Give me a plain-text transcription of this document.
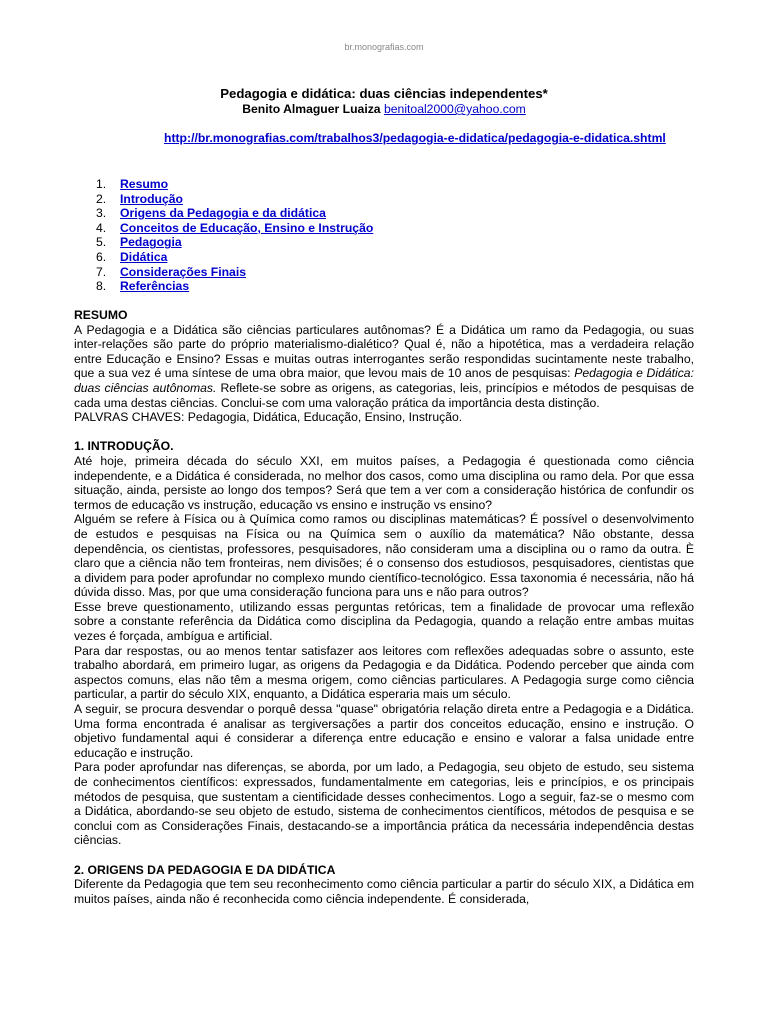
br.monografias.com
Pedagogia e didática: duas ciências independentes*
Benito Almaguer Luaiza benitoal2000@yahoo.com
http://br.monografias.com/trabalhos3/pedagogia-e-didatica/pedagogia-e-didatica.shtml
1.	Resumo
2.	Introdução
3.	Origens da Pedagogia e da didática
4.	Conceitos de Educação, Ensino e Instrução
5.	Pedagogia
6.	Didática
7.	Considerações Finais
8.	Referências

RESUMO

A Pedagogia e a Didática são ciências particulares autônomas? É a Didática um ramo da Pedagogia, ou suas inter-relações são parte do próprio materialismo-dialético? Qual é, não a hipotética, mas a verdadeira relação entre Educação e Ensino? Essas e muitas outras interrogantes serão respondidas sucintamente neste trabalho, que a sua vez é uma síntese de uma obra maior, que levou mais de 10 anos de pesquisas: Pedagogia e Didática: duas ciências autônomas. Reflete-se sobre as origens, as categorias, leis, princípios e métodos de pesquisas de cada uma destas ciências. Conclui-se com uma valoração prática da importância desta distinção.

PALVRAS CHAVES: Pedagogia, Didática, Educação, Ensino, Instrução.

1. INTRODUÇÃO.

Até hoje, primeira década do século XXI, em muitos países, a Pedagogia é questionada como ciência independente, e a Didática é considerada, no melhor dos casos, como uma disciplina ou ramo dela. Por que essa situação, ainda, persiste ao longo dos tempos? Será que tem a ver com a consideração histórica de confundir os termos de educação vs instrução, educação vs ensino e instrução vs ensino?

Alguém se refere à Física ou à Química como ramos ou disciplinas matemáticas? É possível o desenvolvimento de estudos e pesquisas na Física ou na Química sem o auxílio da matemática? Não obstante, dessa dependência, os cientistas, professores, pesquisadores, não consideram uma a disciplina ou o ramo da outra. È claro que a ciência não tem fronteiras, nem divisões; é o consenso dos estudiosos, pesquisadores, cientistas que a dividem para poder aprofundar no complexo mundo científico-tecnológico. Essa taxonomia é necessária, não há dúvida disso. Mas, por que uma consideração funciona para uns e não para outros?

Esse breve questionamento, utilizando essas perguntas retóricas, tem a finalidade de provocar uma reflexão sobre a constante referência da Didática como disciplina da Pedagogia, quando a relação entre ambas muitas vezes é forçada, ambígua e artificial.

Para dar respostas, ou ao menos tentar satisfazer aos leitores com reflexões adequadas sobre o assunto, este trabalho abordará, em primeiro lugar, as origens da Pedagogia e da Didática. Podendo perceber que ainda com aspectos comuns, elas não têm a mesma origem, como ciências particulares. A Pedagogia surge como ciência particular, a partir do século XIX, enquanto, a Didática esperaria mais um século.

A seguir, se procura desvendar o porquê dessa "quase" obrigatória relação direta entre a Pedagogia e a Didática. Uma forma encontrada é analisar as tergiversações a partir dos conceitos educação, ensino e instrução. O objetivo fundamental aqui é considerar a diferença entre educação e ensino e valorar a falsa unidade entre educação e instrução.

Para poder aprofundar nas diferenças, se aborda, por um lado, a Pedagogia, seu objeto de estudo, seu sistema de conhecimentos científicos: expressados, fundamentalmente em categorias, leis e princípios, e os principais métodos de pesquisa, que sustentam a cientificidade desses conhecimentos. Logo a seguir, faz-se o mesmo com a Didática, abordando-se seu objeto de estudo, sistema de conhecimentos científicos, métodos de pesquisa e se conclui com as Considerações Finais, destacando-se a importância prática da necessária independência destas ciências.

2. ORIGENS DA PEDAGOGIA E DA DIDÁTICA

Diferente da Pedagogia que tem seu reconhecimento como ciência particular a partir do século XIX, a Didática em muitos países, ainda não é reconhecida como ciência independente. É considerada,
